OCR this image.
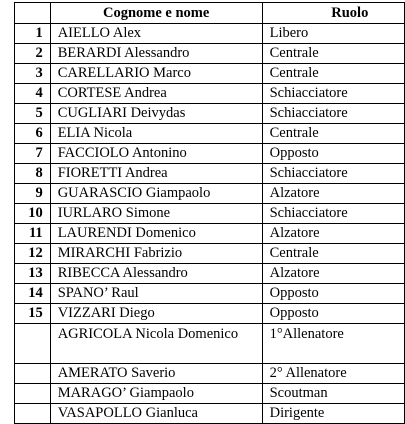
	Cognome e nome	Ruolo
1	AIELLO Alex	Libero
2	BERARDI Alessandro	Centrale
3	CARELLARIO Marco	Centrale
4	CORTESE Andrea	Schiacciatore
5	CUGLIARI Deivydas	Schiacciatore
6	ELIA Nicola	Centrale
7	FACCIOLO Antonino	Opposto
8	FIORETTI Andrea	Schiacciatore
9	GUARASCIO Giampaolo	Alzatore
10	IURLARO Simone	Schiacciatore
11	LAURENDI Domenico	Alzatore
12	MIRARCHI Fabrizio	Centrale
13	RIBECCA Alessandro	Alzatore
14	SPANO’ Raul	Opposto
15	VIZZARI Diego	Opposto
	AGRICOLA Nicola Domenico	1°Allenatore
	AMERATO Saverio	2° Allenatore
	MARAGO’ Giampaolo	Scoutman
	VASAPOLLO Gianluca	Dirigente
